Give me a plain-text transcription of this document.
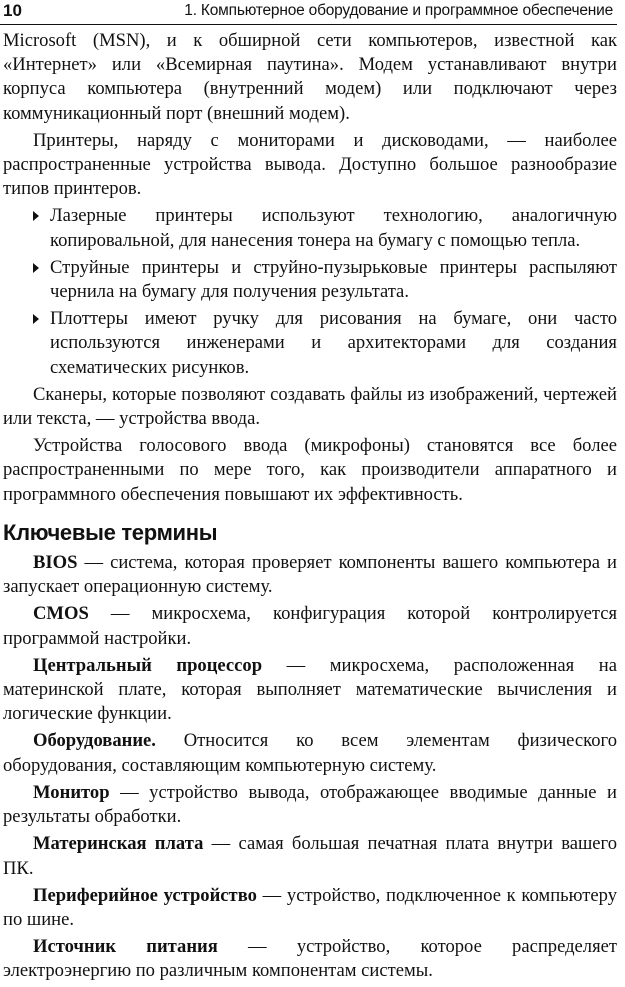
10	1. Компьютерное оборудование и программное обеспечение

Microsoft (MSN), и к обширной сети компьютеров, известной как «Интернет» или «Всемирная паутина». Модем устанавливают внутри корпуса компьютера (внутренний модем) или подключают через коммуникационный порт (внешний модем).

Принтеры, наряду с мониторами и дисководами, — наиболее распространенные устройства вывода. Доступно большое разнообразие типов принтеров.

Лазерные принтеры используют технологию, аналогичную копировальной, для нанесения тонера на бумагу с помощью тепла.
Струйные принтеры и струйно-пузырьковые принтеры распыляют чернила на бумагу для получения результата.
Плоттеры имеют ручку для рисования на бумаге, они часто используются инженерами и архитекторами для создания схематических рисунков.

Сканеры, которые позволяют создавать файлы из изображений, чертежей или текста, — устройства ввода.

Устройства голосового ввода (микрофоны) становятся все более распространенными по мере того, как производители аппаратного и программного обеспечения повышают их эффективность.

Ключевые термины

BIOS — система, которая проверяет компоненты вашего компьютера и запускает операционную систему.

CMOS — микросхема, конфигурация которой контролируется программой настройки.

Центральный процессор — микросхема, расположенная на материнской плате, которая выполняет математические вычисления и логические функции.

Оборудование. Относится ко всем элементам физического оборудования, составляющим компьютерную систему.

Монитор — устройство вывода, отображающее вводимые данные и результаты обработки.

Материнская плата — самая большая печатная плата внутри вашего ПК.

Периферийное устройство — устройство, подключенное к компьютеру по шине.

Источник питания — устройство, которое распределяет электроэнергию по различным компонентам системы.
